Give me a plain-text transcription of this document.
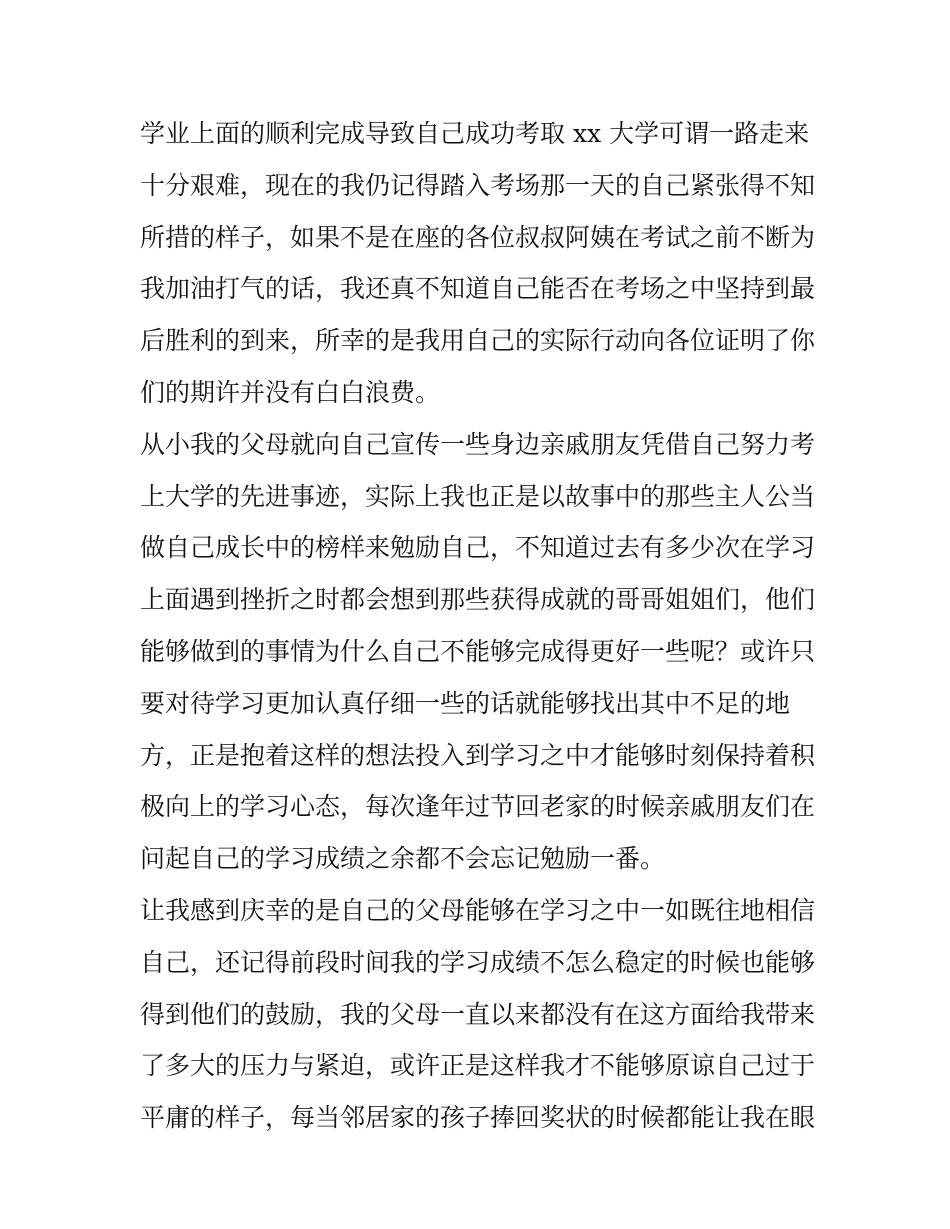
学业上面的顺利完成导致自己成功考取 xx 大学可谓一路走来
十分艰难，现在的我仍记得踏入考场那一天的自己紧张得不知
所措的样子，如果不是在座的各位叔叔阿姨在考试之前不断为
我加油打气的话，我还真不知道自己能否在考场之中坚持到最
后胜利的到来，所幸的是我用自己的实际行动向各位证明了你
们的期许并没有白白浪费。
从小我的父母就向自己宣传一些身边亲戚朋友凭借自己努力考
上大学的先进事迹，实际上我也正是以故事中的那些主人公当
做自己成长中的榜样来勉励自己，不知道过去有多少次在学习
上面遇到挫折之时都会想到那些获得成就的哥哥姐姐们，他们
能够做到的事情为什么自己不能够完成得更好一些呢？或许只
要对待学习更加认真仔细一些的话就能够找出其中不足的地
方，正是抱着这样的想法投入到学习之中才能够时刻保持着积
极向上的学习心态，每次逢年过节回老家的时候亲戚朋友们在
问起自己的学习成绩之余都不会忘记勉励一番。
让我感到庆幸的是自己的父母能够在学习之中一如既往地相信
自己，还记得前段时间我的学习成绩不怎么稳定的时候也能够
得到他们的鼓励，我的父母一直以来都没有在这方面给我带来
了多大的压力与紧迫，或许正是这样我才不能够原谅自己过于
平庸的样子，每当邻居家的孩子捧回奖状的时候都能让我在眼
